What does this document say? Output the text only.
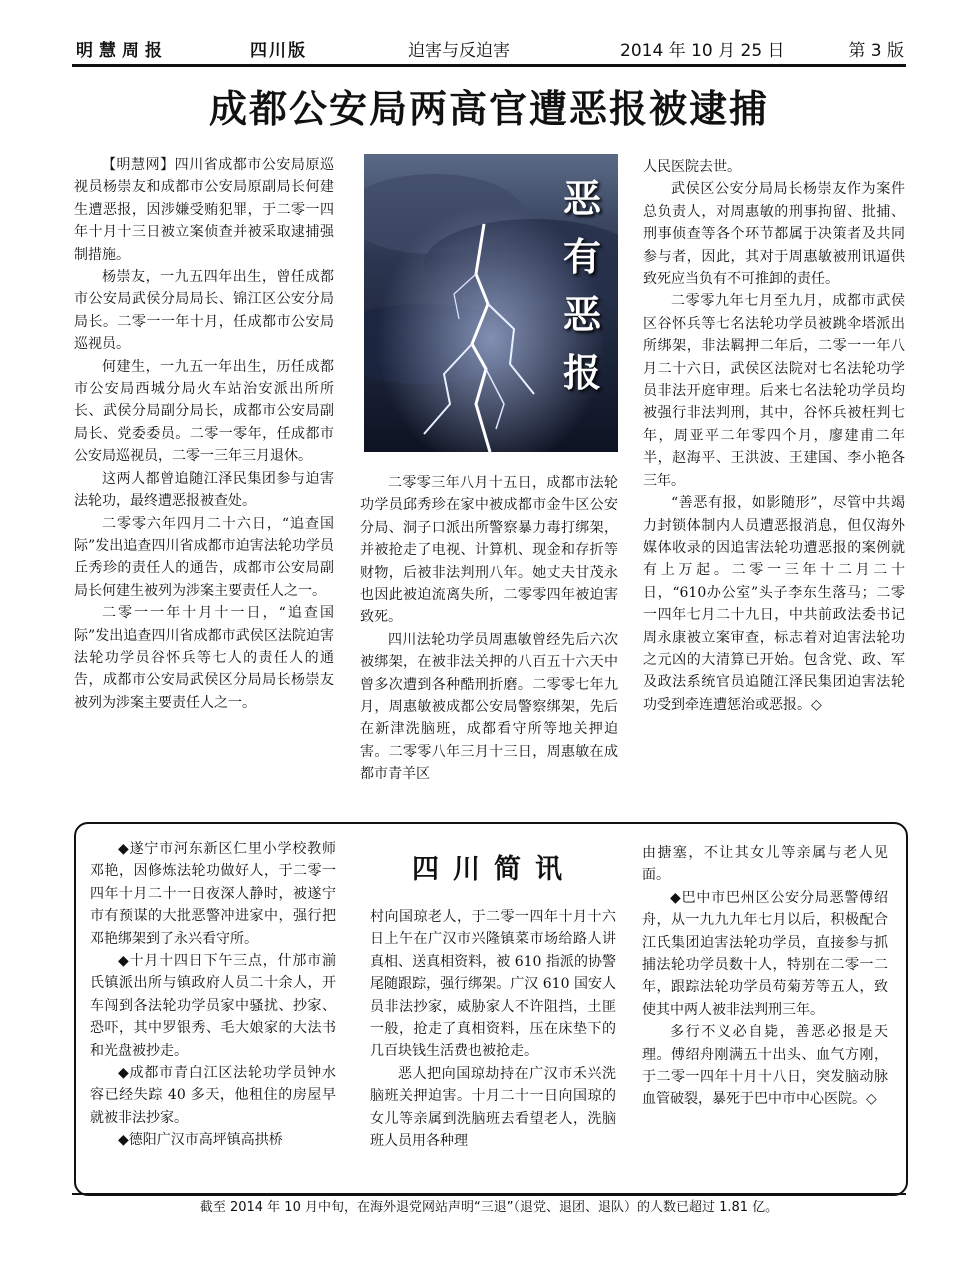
明慧周报	四川版	迫害与反迫害	2014 年 10 月 25 日	第 3 版
成都公安局两高官遭恶报被逮捕

【明慧网】四川省成都市公安局原巡视员杨崇友和成都市公安局原副局长何建生遭恶报，因涉嫌受贿犯罪，于二零一四年十月十三日被立案侦查并被采取逮捕强制措施。

杨崇友，一九五四年出生，曾任成都市公安局武侯分局局长、锦江区公安分局局长。二零一一年十月，任成都市公安局巡视员。

何建生，一九五一年出生，历任成都市公安局西城分局火车站治安派出所所长、武侯分局副分局长，成都市公安局副局长、党委委员。二零一零年，任成都市公安局巡视员，二零一三年三月退休。

这两人都曾追随江泽民集团参与迫害法轮功，最终遭恶报被查处。

二零零六年四月二十六日，“追查国际”发出追查四川省成都市迫害法轮功学员丘秀珍的责任人的通告，成都市公安局副局长何建生被列为涉案主要责任人之一。

二零一一年十月十一日，“追查国际”发出追查四川省成都市武侯区法院迫害法轮功学员谷怀兵等七人的责任人的通告，成都市公安局武侯区分局局长杨崇友被列为涉案主要责任人之一。

恶
有
恶
报

二零零三年八月十五日，成都市法轮功学员邱秀珍在家中被成都市金牛区公安分局、洞子口派出所警察暴力毒打绑架，并被抢走了电视、计算机、现金和存折等财物，后被非法判刑八年。她丈夫甘茂永也因此被迫流离失所，二零零四年被迫害致死。

四川法轮功学员周惠敏曾经先后六次被绑架，在被非法关押的八百五十六天中曾多次遭到各种酷刑折磨。二零零七年九月，周惠敏被成都公安局警察绑架，先后在新津洗脑班，成都看守所等地关押迫害。二零零八年三月十三日，周惠敏在成都市青羊区

人民医院去世。

武侯区公安分局局长杨崇友作为案件总负责人，对周惠敏的刑事拘留、批捕、刑事侦查等各个环节都属于决策者及共同参与者，因此，其对于周惠敏被刑讯逼供致死应当负有不可推卸的责任。

二零零九年七月至九月，成都市武侯区谷怀兵等七名法轮功学员被跳伞塔派出所绑架，非法羁押二年后，二零一一年八月二十六日，武侯区法院对七名法轮功学员非法开庭审理。后来七名法轮功学员均被强行非法判刑，其中，谷怀兵被枉判七年，周亚平二年零四个月，廖建甫二年半，赵海平、王洪波、王建国、李小艳各三年。

“善恶有报，如影随形”，尽管中共竭力封锁体制内人员遭恶报消息，但仅海外媒体收录的因追害法轮功遭恶报的案例就有上万起。二零一三年十二月二十日，“610办公室”头子李东生落马；二零一四年七月二十九日，中共前政法委书记周永康被立案审查，标志着对迫害法轮功之元凶的大清算已开始。包含党、政、军及政法系统官员追随江泽民集团迫害法轮功受到牵连遭惩治或恶报。◇

四川简讯

◆遂宁市河东新区仁里小学校教师邓艳，因修炼法轮功做好人，于二零一四年十月二十一日夜深人静时，被遂宁市有预谋的大批恶警冲进家中，强行把邓艳绑架到了永兴看守所。

◆十月十四日下午三点，什邡市湔氏镇派出所与镇政府人员二十余人，开车闯到各法轮功学员家中骚扰、抄家、恐吓，其中罗银秀、毛大娘家的大法书和光盘被抄走。

◆成都市青白江区法轮功学员钟水容已经失踪 40 多天，他租住的房屋早就被非法抄家。

◆德阳广汉市高坪镇高拱桥

村向国琼老人，于二零一四年十月十六日上午在广汉市兴隆镇菜市场给路人讲真相、送真相资料，被 610 指派的协警尾随跟踪，强行绑架。广汉 610 国安人员非法抄家，威胁家人不许阻挡，土匪一般，抢走了真相资料，压在床垫下的几百块钱生活费也被抢走。

恶人把向国琼劫持在广汉市禾兴洗脑班关押迫害。十月二十一日向国琼的女儿等亲属到洗脑班去看望老人，洗脑班人员用各种理

由搪塞，不让其女儿等亲属与老人见面。

◆巴中市巴州区公安分局恶警傅绍舟，从一九九九年七月以后，积极配合江氏集团迫害法轮功学员，直接参与抓捕法轮功学员数十人，特别在二零一二年，跟踪法轮功学员苟菊芳等五人，致使其中两人被非法判刑三年。

多行不义必自毙，善恶必报是天理。傅绍舟刚满五十出头、血气方刚，于二零一四年十月十八日，突发脑动脉血管破裂，暴死于巴中市中心医院。◇

截至 2014 年 10 月中旬，在海外退党网站声明“三退”（退党、退团、退队）的人数已超过 1.81 亿。
